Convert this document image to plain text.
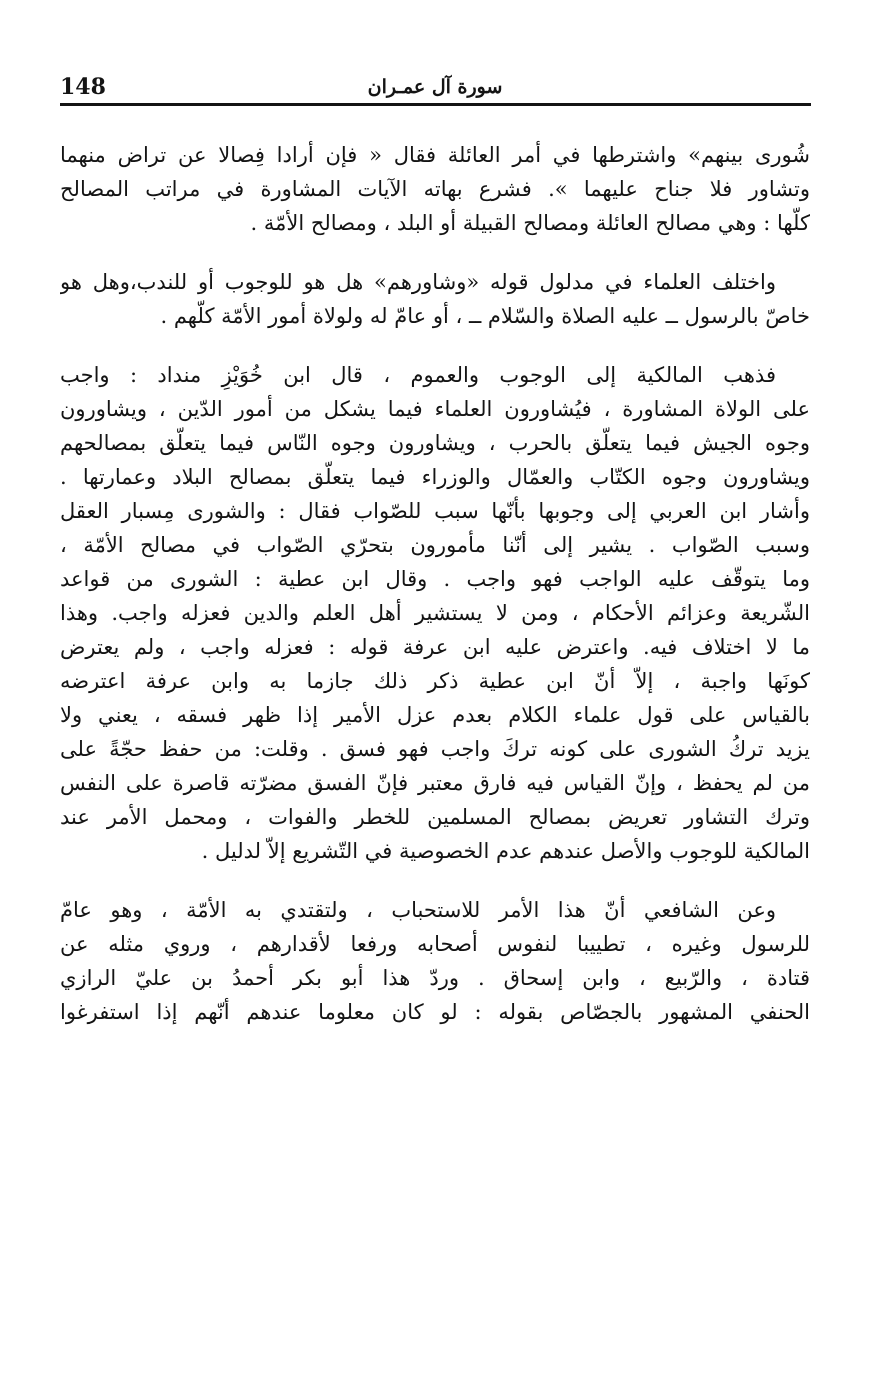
148	سورة آل عمـران
شُورى بينهم» واشترطها في أمر العائلة فقال « فإن أرادا فِصالا عن تراض منهما
وتشاور فلا جناح عليهما ». فشرع بهاته الآيات المشاورة في مراتب المصالح
كلّها : وهي مصالح العائلة ومصالح القبيلة أو البلد ، ومصالح الأمّة .
واختلف العلماء في مدلول قوله «وشاورهم» هل هو للوجوب أو للندب،وهل هو
خاصّ بالرسول ــ عليه الصلاة والسّلام ــ ، أو عامّ له ولولاة أمور الأمّة كلّهم .
فذهب المالكية إلى الوجوب والعموم ، قال ابن خُوَيْزِ منداد : واجب
على الولاة المشاورة ، فيُشاورون العلماء فيما يشكل من أمور الدّين ، ويشاورون
وجوه الجيش فيما يتعلّق بالحرب ، ويشاورون وجوه النّاس فيما يتعلّق بمصالحهم
ويشاورون وجوه الكتّاب والعمّال والوزراء فيما يتعلّق بمصالح البلاد وعمارتها .
وأشار ابن العربي إلى وجوبها بأنّها سبب للصّواب فقال : والشورى مِسبار العقل
وسبب الصّواب . يشير إلى أنّنا مأمورون بتحرّي الصّواب في مصالح الأمّة ،
وما يتوقّف عليه الواجب فهو واجب . وقال ابن عطية : الشورى من قواعد
الشّريعة وعزائم الأحكام ، ومن لا يستشير أهل العلم والدين فعزله واجب. وهذا
ما لا اختلاف فيه. واعترض عليه ابن عرفة قوله : فعزله واجب ، ولم يعترض
كونَها واجبة ، إلاّ أنّ ابن عطية ذكر ذلك جازما به وابن عرفة اعترضه
بالقياس على قول علماء الكلام بعدم عزل الأمير إذا ظهر فسقه ، يعني ولا
يزيد تركُ الشورى على كونه تركَ واجب فهو فسق . وقلت: من حفظ حجّةً على
من لم يحفظ ، وإنّ القياس فيه فارق معتبر فإنّ الفسق مضرّته قاصرة على النفس
وترك التشاور تعريض بمصالح المسلمين للخطر والفوات ، ومحمل الأمر عند
المالكية للوجوب والأصل عندهم عدم الخصوصية في التّشريع إلاّ لدليل .
وعن الشافعي أنّ هذا الأمر للاستحباب ، ولتقتدي به الأمّة ، وهو عامّ
للرسول وغيره ، تطييبا لنفوس أصحابه ورفعا لأقدارهم ، وروي مثله عن
قتادة ، والرّبيع ، وابن إسحاق . وردّ هذا أبو بكر أحمدُ بن عليّ الرازي
الحنفي المشهور بالجصّاص بقوله : لو كان معلوما عندهم أنّهم إذا استفرغوا
